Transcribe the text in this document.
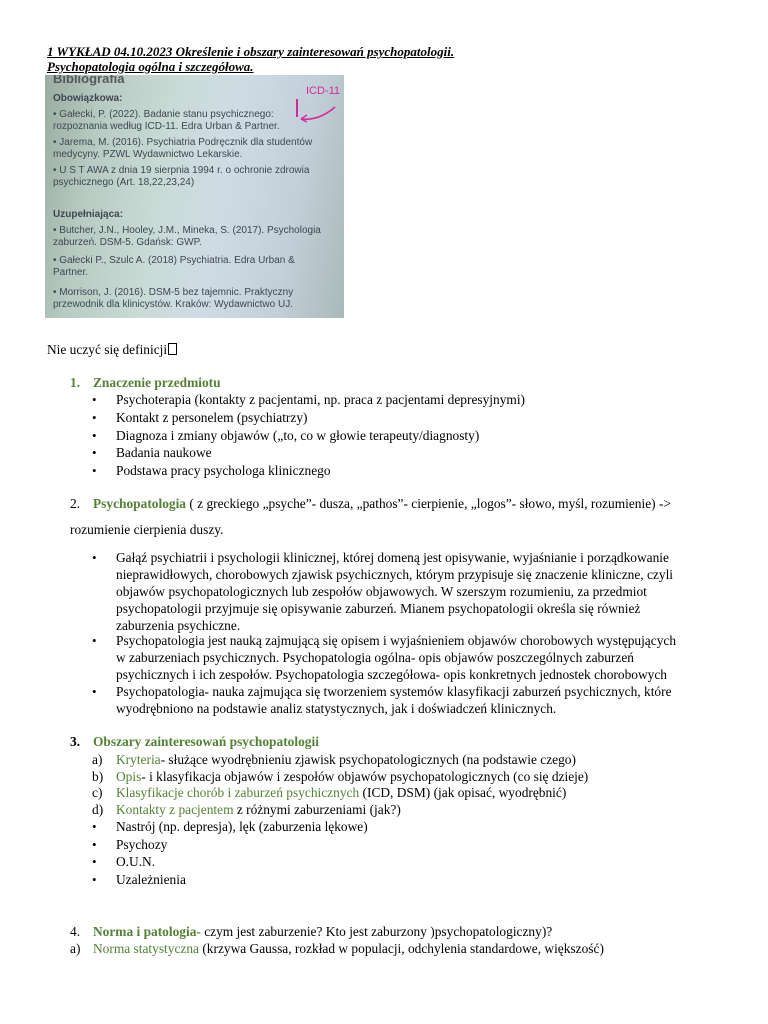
1 WYKŁAD 04.10.2023 Określenie i obszary zainteresowań psychopatologii.
Psychopatologia ogólna i szczegółowa.
Bibliografia
ICD-11
Obowiązkowa:
• Gałecki, P. (2022). Badanie stanu psychicznego:
rozpoznania według ICD-11. Edra Urban & Partner.
• Jarema, M. (2016). Psychiatria Podręcznik dla studentów
medycyny. PZWL Wydawnictwo Lekarskie.
• U S T AWA z dnia 19 sierpnia 1994 r. o ochronie zdrowia
psychicznego (Art. 18,22,23,24)
Uzupełniająca:
• Butcher, J.N., Hooley, J.M., Mineka, S. (2017). Psychologia
zaburzeń. DSM-5. Gdańsk: GWP.
• Gałecki P., Szulc A. (2018) Psychiatria. Edra Urban &
Partner.
• Morrison, J. (2016). DSM-5 bez tajemnic. Praktyczny
przewodnik dla klinicystów. Kraków: Wydawnictwo UJ.
Nie uczyć się definicji
1. Znaczenie przedmiotu
• Psychoterapia (kontakty z pacjentami, np. praca z pacjentami depresyjnymi)
• Kontakt z personelem (psychiatrzy)
• Diagnoza i zmiany objawów („to, co w głowie terapeuty/diagnosty)
• Badania naukowe
• Podstawa pracy psychologa klinicznego
2. Psychopatologia ( z greckiego „psyche”- dusza, „pathos”- cierpienie, „logos”- słowo, myśl, rozumienie) ->
rozumienie cierpienia duszy.
• Gałąź psychiatrii i psychologii klinicznej, której domeną jest opisywanie, wyjaśnianie i porządkowanie
nieprawidłowych, chorobowych zjawisk psychicznych, którym przypisuje się znaczenie kliniczne, czyli
objawów psychopatologicznych lub zespołów objawowych. W szerszym rozumieniu, za przedmiot
psychopatologii przyjmuje się opisywanie zaburzeń. Mianem psychopatologii określa się również
zaburzenia psychiczne.
• Psychopatologia jest nauką zajmującą się opisem i wyjaśnieniem objawów chorobowych występujących
w zaburzeniach psychicznych. Psychopatologia ogólna- opis objawów poszczególnych zaburzeń
psychicznych i ich zespołów. Psychopatologia szczegółowa- opis konkretnych jednostek chorobowych
• Psychopatologia- nauka zajmująca się tworzeniem systemów klasyfikacji zaburzeń psychicznych, które
wyodrębniono na podstawie analiz statystycznych, jak i doświadczeń klinicznych.
3. Obszary zainteresowań psychopatologii
a) Kryteria- służące wyodrębnieniu zjawisk psychopatologicznych (na podstawie czego)
b) Opis- i klasyfikacja objawów i zespołów objawów psychopatologicznych (co się dzieje)
c) Klasyfikacje chorób i zaburzeń psychicznych (ICD, DSM) (jak opisać, wyodrębnić)
d) Kontakty z pacjentem z różnymi zaburzeniami (jak?)
• Nastrój (np. depresja), lęk (zaburzenia lękowe)
• Psychozy
• O.U.N.
• Uzależnienia
4. Norma i patologia- czym jest zaburzenie? Kto jest zaburzony )psychopatologiczny)?
a) Norma statystyczna (krzywa Gaussa, rozkład w populacji, odchylenia standardowe, większość)
